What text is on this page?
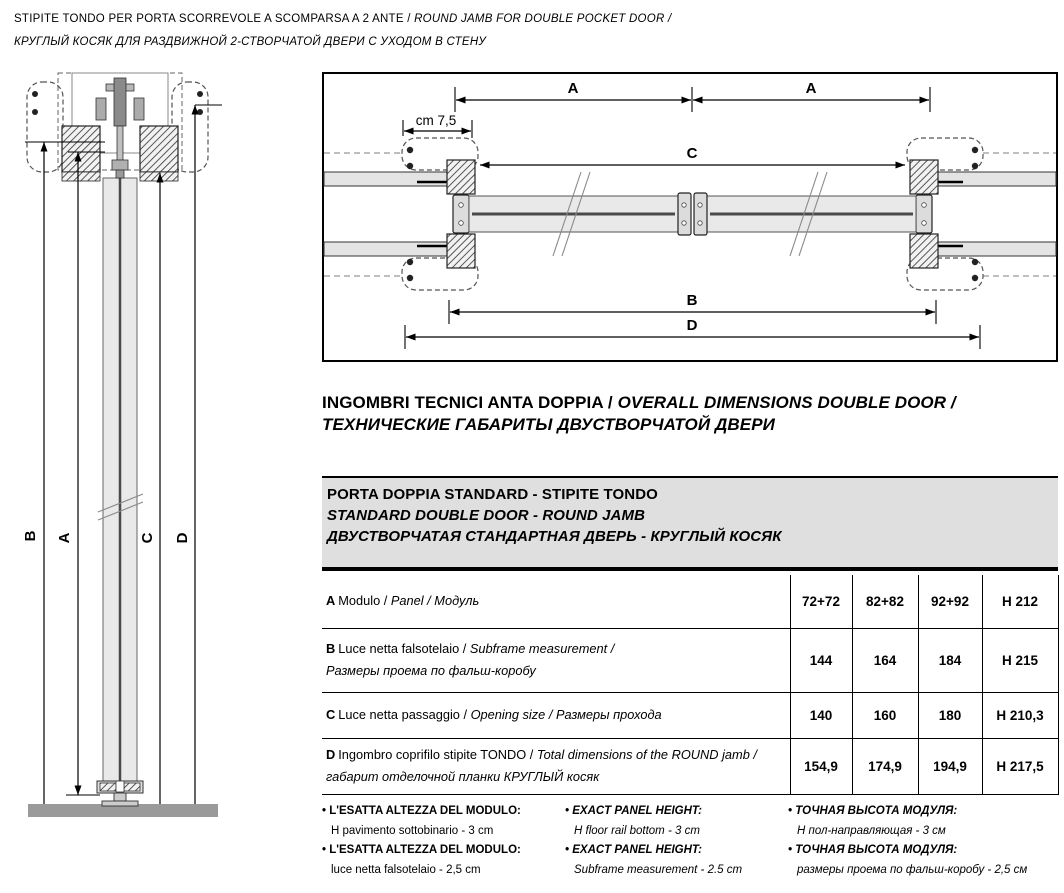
STIPITE TONDO PER PORTA SCORREVOLE A SCOMPARSA A 2 ANTE / ROUND JAMB FOR DOUBLE POCKET DOOR /
КРУГЛЫЙ КОСЯК ДЛЯ РАЗДВИЖНОЙ 2-СТВОРЧАТОЙ ДВЕРИ С УХОДОМ В СТЕНУ
B A	C D
A	A
cm 7,5
C
B
D
INGOMBRI TECNICI ANTA DOPPIA / OVERALL DIMENSIONS DOUBLE DOOR /
ТЕХНИЧЕСКИЕ ГАБАРИТЫ ДВУСТВОРЧАТОЙ ДВЕРИ
PORTA DOPPIA STANDARD - STIPITE TONDO
STANDARD DOUBLE DOOR - ROUND JAMB
ДВУСТВОРЧАТАЯ СТАНДАРТНАЯ ДВЕРЬ - КРУГЛЫЙ КОСЯК
A Modulo / Panel / Модуль	72+72	82+82	92+92	H 212

B Luce netta falsotelaio / Subframe measurement /
Размеры проема по фальш-коробу	144	164	184	H 215
C Luce netta passaggio / Opening size / Размеры прохода	140	160	180	H 210,3

D Ingombro coprifilo stipite TONDO / Total dimensions of the ROUND jamb /
габарит отделочной планки КРУГЛЫЙ косяк	154,9	174,9	194,9	H 217,5
• L'ESATTA ALTEZZA DEL MODULO:
H pavimento sottobinario - 3 cm
• L'ESATTA ALTEZZA DEL MODULO:
luce netta falsotelaio - 2,5 cm
• EXACT PANEL HEIGHT:
H floor rail bottom - 3 cm
• EXACT PANEL HEIGHT:
Subframe measurement - 2.5 cm
• ТОЧНАЯ ВЫСОТА МОДУЛЯ:
Н пол-направляющая - 3 см
• ТОЧНАЯ ВЫСОТА МОДУЛЯ:
размеры проема по фальш-коробу - 2,5 см
